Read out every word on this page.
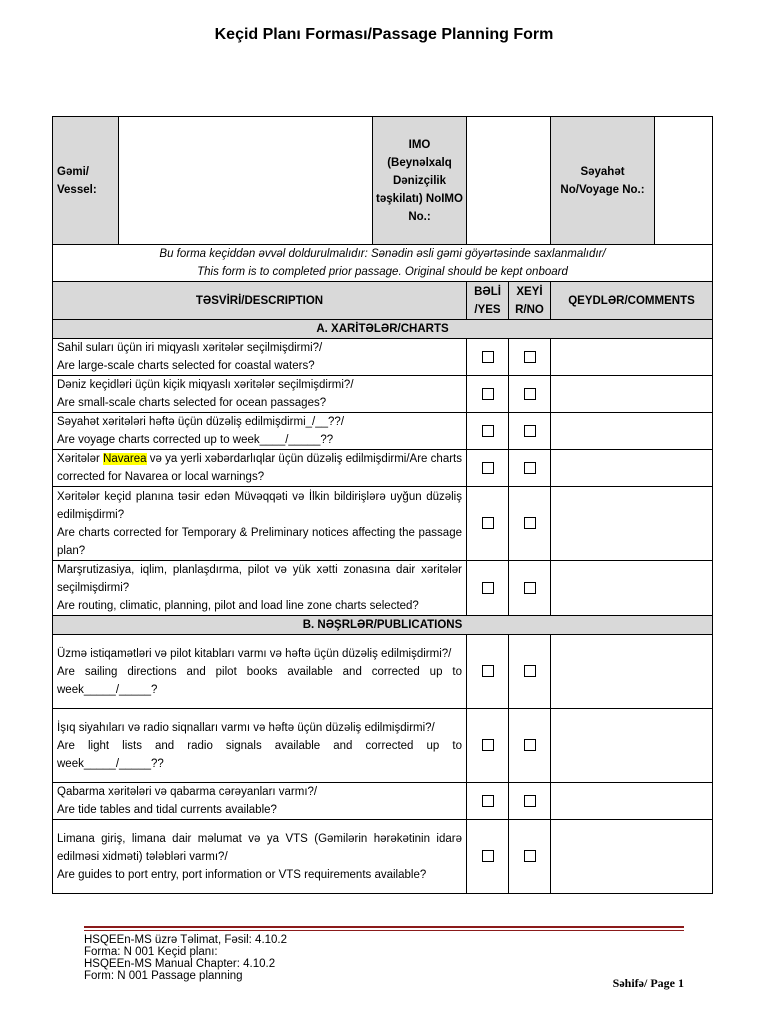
Keçid Planı Forması/Passage Planning Form
Gəmi/ Vessel:		IMO (Beynəlxalq Dənizçilik təşkilatı) NoIMO No.:			Səyahət No/Voyage No.:	

Bu forma keçiddən əvvəl doldurulmalıdır: Sənədin əsli gəmi göyərtəsinde saxlanmalıdır/
This form is to completed prior passage. Original should be kept onboard						

TƏSVİRİ/DESCRIPTION			BƏLİ /YES	XEYİ R/NO	QEYDLƏR/COMMENTS	
A. XARİTƏLƏR/CHARTS						
Sahil suları üçün iri miqyaslı xəritələr seçilmişdirmi?/
Are large-scale charts selected for coastal waters?						
Dəniz keçidləri üçün kiçik miqyaslı xəritələr seçilmişdirmi?/
Are small-scale charts selected for ocean passages?						
Səyahət xəritələri həftə üçün düzəliş edilmişdirmi_/__??/
Are voyage charts corrected up to week____/_____??						
Xəritələr Navarea və ya yerli xəbərdarlıqlar üçün düzəliş edilmişdirmi/Are charts corrected for Navarea or local warnings?						
Xəritələr keçid planına təsir edən Müvəqqəti və İlkin bildirişlərə uyğun düzəliş edilmişdirmi?
Are charts corrected for Temporary & Preliminary notices affecting the passage plan?						
Marşrutizasiya, iqlim, planlaşdırma, pilot və yük xətti zonasına dair xəritələr seçilmişdirmi?
Are routing, climatic, planning, pilot and load line zone charts selected?						
B. NƏŞRLƏR/PUBLICATIONS						
Üzmə istiqamətləri və pilot kitabları varmı və həftə üçün düzəliş edilmişdirmi?/
Are sailing directions and pilot books available and corrected up to week_____/_____?						
İşıq siyahıları və radio siqnalları varmı və həftə üçün düzəliş edilmişdirmi?/
Are light lists and radio signals available and corrected up to week_____/_____??						
Qabarma xəritələri və qabarma cərəyanları varmı?/
Are tide tables and tidal currents available?						
Limana giriş, limana dair məlumat və ya VTS (Gəmilərin hərəkətinin idarə edilməsi xidməti) tələbləri varmı?/
Are guides to port entry, port information or VTS requirements available?						
HSQEEn-MS üzrə Təlimat, Fəsil: 4.10.2
Forma: N 001 Keçid planı:
HSQEEn-MS Manual Chapter: 4.10.2
Form: N 001 Passage planning	Səhifə/ Page 1
